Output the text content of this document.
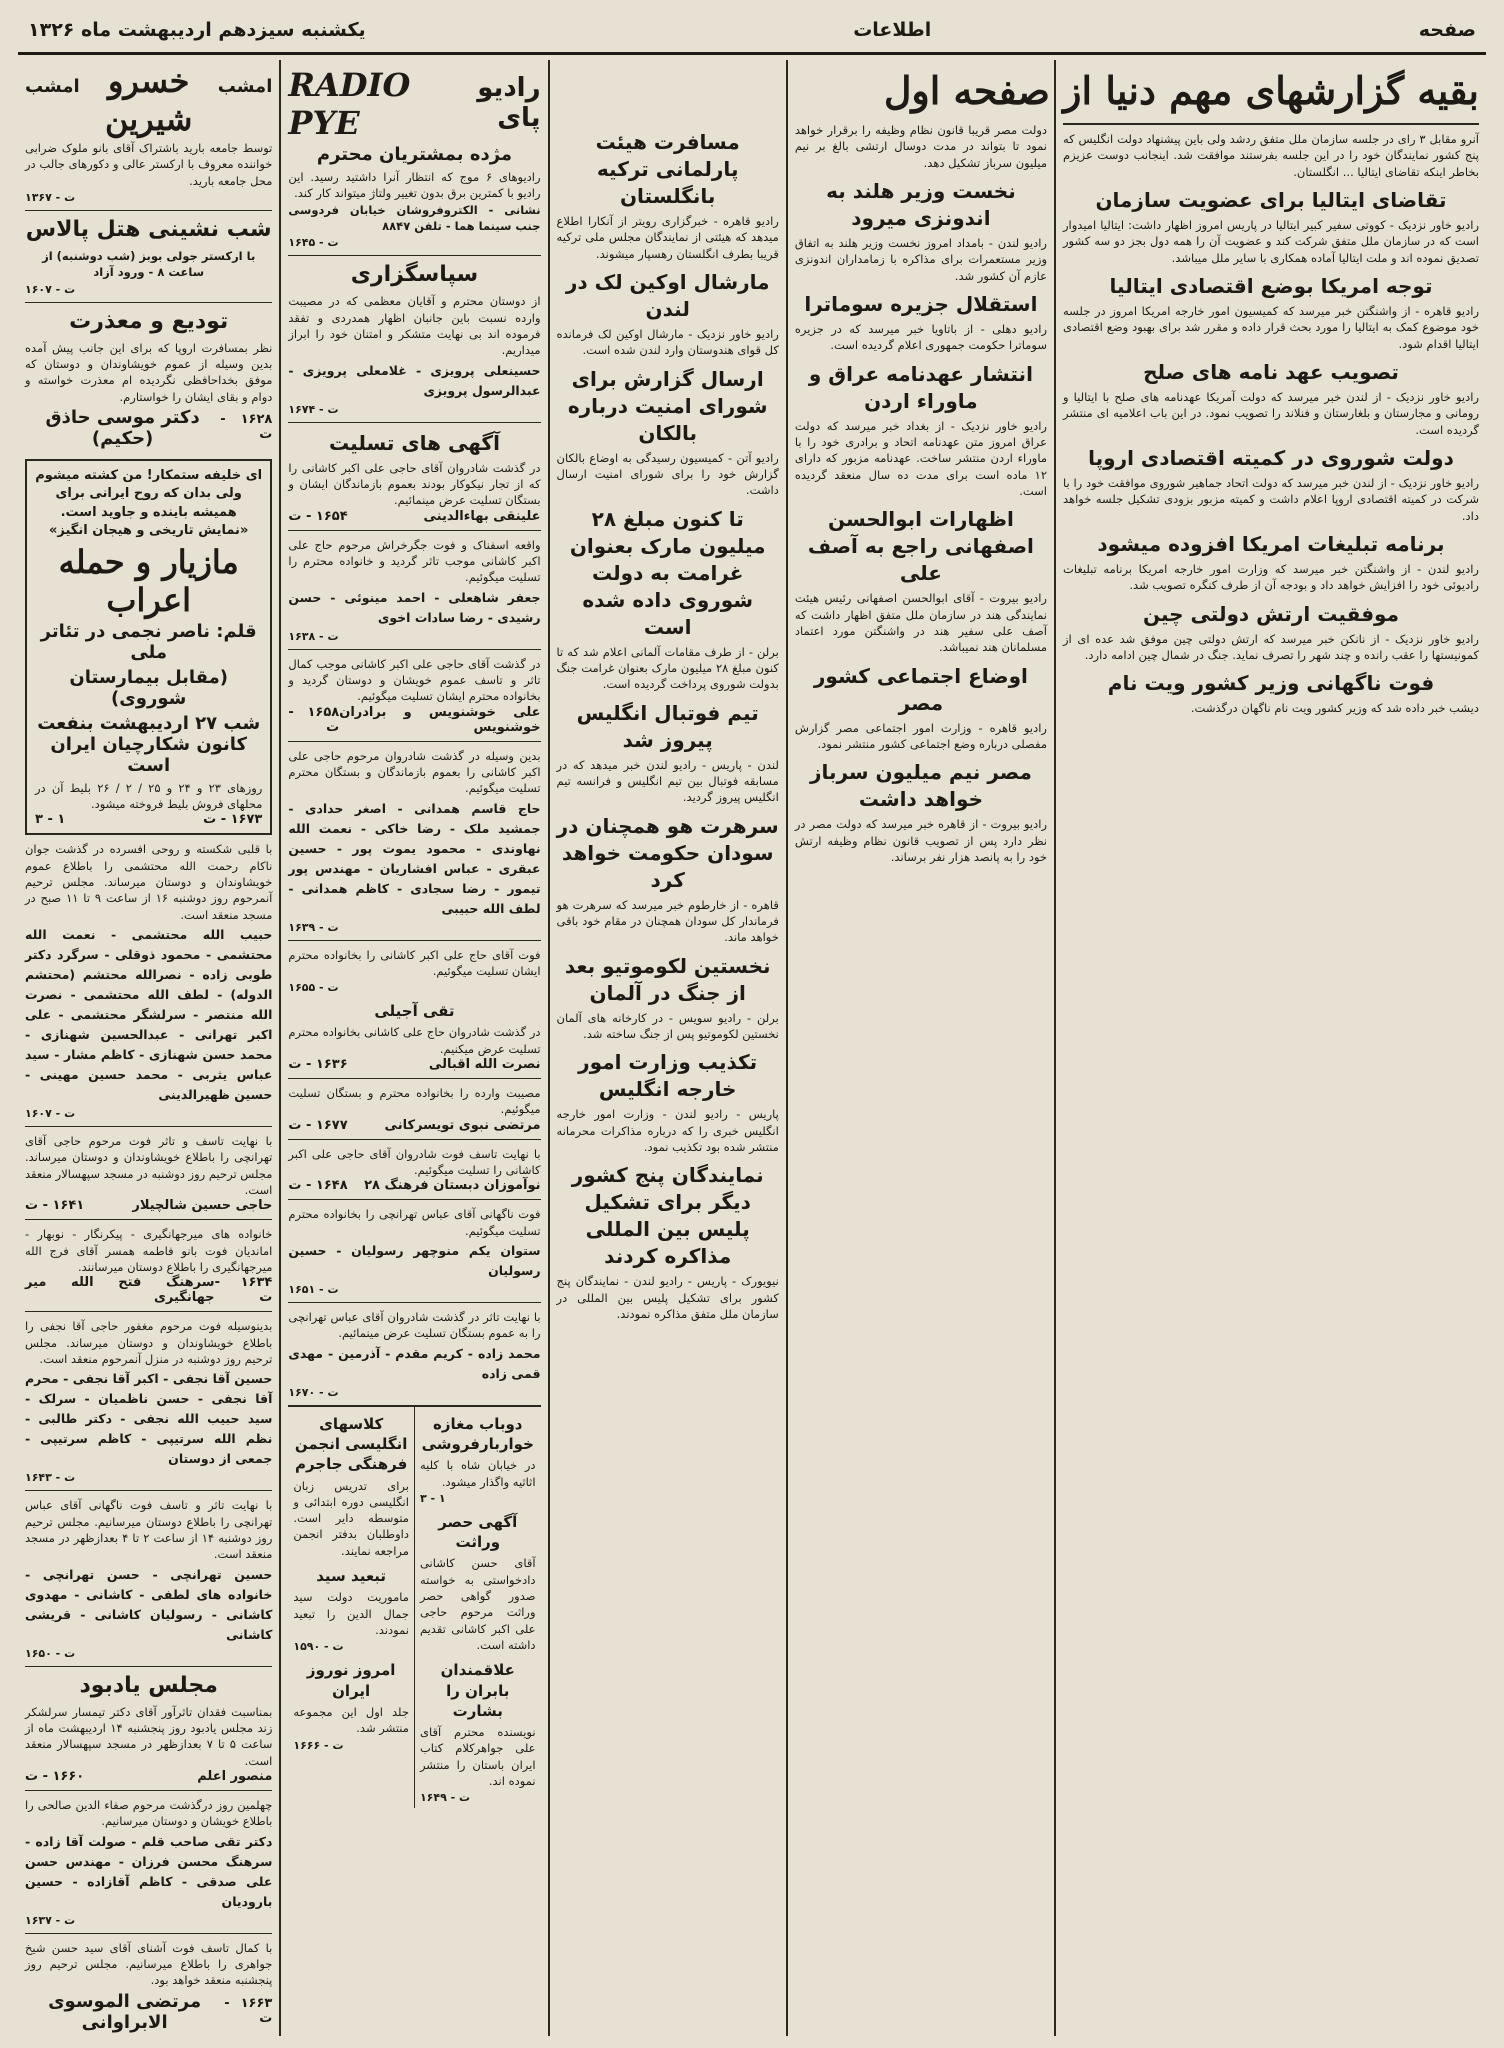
صفحه
اطلاعات
یکشنبه سیزدهم اردیبهشت ماه ۱۳۲۶
بقیه گزارشهای مهم دنیا از صفحه اول

آنرو مقابل ۳ رای در جلسه سازمان ملل متفق ردشد ولی باین پیشنهاد دولت انگلیس که پنج کشور نمایندگان خود را در این جلسه بفرستند موافقت شد. اینجانب دوست عزیزم بخاطر اینکه تقاضای ایتالیا ... انگلستان.

تقاضای ایتالیا برای عضویت سازمان

رادیو خاور نزدیک - کووتی سفیر کبیر ایتالیا در پاریس امروز اظهار داشت: ایتالیا امیدوار است که در سازمان ملل متفق شرکت کند و عضویت آن را همه دول بجز دو سه کشور تصدیق نموده اند و ملت ایتالیا آماده همکاری با سایر ملل میباشد.

توجه امریکا بوضع اقتصادی ایتالیا

رادیو قاهره - از واشنگتن خبر میرسد که کمیسیون امور خارجه امریکا امروز در جلسه خود موضوع کمک به ایتالیا را مورد بحث قرار داده و مقرر شد برای بهبود وضع اقتصادی ایتالیا اقدام شود.

تصویب عهد نامه های صلح

رادیو خاور نزدیک - از لندن خبر میرسد که دولت آمریکا عهدنامه های صلح با ایتالیا و رومانی و مجارستان و بلغارستان و فنلاند را تصویب نمود. در این باب اعلامیه ای منتشر گردیده است.

دولت شوروی در کمیته اقتصادی اروپا

رادیو خاور نزدیک - از لندن خبر میرسد که دولت اتحاد جماهیر شوروی موافقت خود را با شرکت در کمیته اقتصادی اروپا اعلام داشت و کمیته مزبور بزودی تشکیل جلسه خواهد داد.

برنامه تبلیغات امریکا افزوده میشود

رادیو لندن - از واشنگتن خبر میرسد که وزارت امور خارجه امریکا برنامه تبلیغات رادیوئی خود را افزایش خواهد داد و بودجه آن از طرف کنگره تصویب شد.

موفقیت ارتش دولتی چین

رادیو خاور نزدیک - از نانکن خبر میرسد که ارتش دولتی چین موفق شد عده ای از کمونیستها را عقب رانده و چند شهر را تصرف نماید. جنگ در شمال چین ادامه دارد.

فوت ناگهانی وزیر کشور ویت نام

دیشب خبر داده شد که وزیر کشور ویت نام ناگهان درگذشت.

دولت مصر قریبا قانون نظام وظیفه را برقرار خواهد نمود تا بتواند در مدت دوسال ارتشی بالغ بر نیم میلیون سرباز تشکیل دهد.

نخست وزیر هلند به اندونزی میرود

رادیو لندن - بامداد امروز نخست وزیر هلند به اتفاق وزیر مستعمرات برای مذاکره با زمامداران اندونزی عازم آن کشور شد.

استقلال جزیره سوماترا

رادیو دهلی - از باتاویا خبر میرسد که در جزیره سوماترا حکومت جمهوری اعلام گردیده است.

انتشار عهدنامه عراق و ماوراء اردن

رادیو خاور نزدیک - از بغداد خبر میرسد که دولت عراق امروز متن عهدنامه اتحاد و برادری خود را با ماوراء اردن منتشر ساخت. عهدنامه مزبور که دارای ۱۲ ماده است برای مدت ده سال منعقد گردیده است.

اظهارات ابوالحسن اصفهانی راجع به آصف علی

رادیو بیروت - آقای ابوالحسن اصفهانی رئیس هیئت نمایندگی هند در سازمان ملل متفق اظهار داشت که آصف علی سفیر هند در واشنگتن مورد اعتماد مسلمانان هند نمیباشد.

اوضاع اجتماعی کشور مصر

رادیو قاهره - وزارت امور اجتماعی مصر گزارش مفصلی درباره وضع اجتماعی کشور منتشر نمود.

مصر نیم میلیون سرباز خواهد داشت

رادیو بیروت - از قاهره خبر میرسد که دولت مصر در نظر دارد پس از تصویب قانون نظام وظیفه ارتش خود را به پانصد هزار نفر برساند.

مسافرت هیئت پارلمانی ترکیه بانگلستان

رادیو قاهره - خبرگزاری رویتر از آنکارا اطلاع میدهد که هیئتی از نمایندگان مجلس ملی ترکیه قریبا بطرف انگلستان رهسپار میشوند.

مارشال اوکین لک در لندن

رادیو خاور نزدیک - مارشال اوکین لک فرمانده کل قوای هندوستان وارد لندن شده است.

ارسال گزارش برای شورای امنیت درباره بالکان

رادیو آتن - کمیسیون رسیدگی به اوضاع بالکان گزارش خود را برای شورای امنیت ارسال داشت.

تا کنون مبلغ ۲۸ میلیون مارک بعنوان غرامت به دولت شوروی داده شده است

برلن - از طرف مقامات آلمانی اعلام شد که تا کنون مبلغ ۲۸ میلیون مارک بعنوان غرامت جنگ بدولت شوروی پرداخت گردیده است.

تیم فوتبال انگلیس پیروز شد

لندن - پاریس - رادیو لندن خبر میدهد که در مسابقه فوتبال بین تیم انگلیس و فرانسه تیم انگلیس پیروز گردید.

سرهرت هو همچنان در سودان حکومت خواهد کرد

قاهره - از خارطوم خبر میرسد که سرهرت هو فرماندار کل سودان همچنان در مقام خود باقی خواهد ماند.

نخستین لکوموتیو بعد از جنگ در آلمان

برلن - رادیو سویس - در کارخانه های آلمان نخستین لکوموتیو پس از جنگ ساخته شد.

تکذیب وزارت امور خارجه انگلیس

پاریس - رادیو لندن - وزارت امور خارجه انگلیس خبری را که درباره مذاکرات محرمانه منتشر شده بود تکذیب نمود.

نمایندگان پنج کشور دیگر برای تشکیل پلیس بین المللی مذاکره کردند

نیویورک - پاریس - رادیو لندن - نمایندگان پنج کشور برای تشکیل پلیس بین المللی در سازمان ملل متفق مذاکره نمودند.

رادیو پای
RADIO PYE
مژده بمشتریان محترم

رادیوهای ۶ موج که انتظار آنرا داشتید رسید. این رادیو با کمترین برق بدون تغییر ولتاژ میتواند کار کند.

نشانی - الکتروفروشان خیابان فردوسی جنب سینما هما - تلفن ۸۸۴۷

۱۶۴۵ - ت
سپاسگزاری

از دوستان محترم و آقایان معظمی که در مصیبت وارده نسبت باین جانبان اظهار همدردی و تفقد فرموده اند بی نهایت متشکر و امتنان خود را ابراز میداریم.

حسینعلی پرویزی - غلامعلی پرویزی - عبدالرسول پرویزی
۱۶۷۴ - ت
آگهی های تسلیت

در گذشت شادروان آقای حاجی علی اکبر کاشانی را که از تجار نیکوکار بودند بعموم بازماندگان ایشان و بستگان تسلیت عرض مینمائیم.

علینقی بهاءالدینی
۱۶۵۴ - ت

واقعه اسفناک و فوت جگرخراش مرحوم حاج علی اکبر کاشانی موجب تاثر گردید و خانواده محترم را تسلیت میگوئیم.

جعفر شاهعلی - احمد مینوئی - حسن رشیدی - رضا سادات اخوی
۱۶۳۸ - ت

در گذشت آقای حاجی علی اکبر کاشانی موجب کمال تاثر و تاسف عموم خویشان و دوستان گردید و بخانواده محترم ایشان تسلیت میگوئیم.

علی خوشنویس و برادران خوشنویس
۱۶۵۸ - ت

بدین وسیله در گذشت شادروان مرحوم حاجی علی اکبر کاشانی را بعموم بازماندگان و بستگان محترم تسلیت میگوئیم.

حاج قاسم همدانی - اصغر حدادی - جمشید ملک - رضا خاکی - نعمت الله نهاوندی - محمود یموت پور - حسین عبقری - عباس افشاریان - مهندس پور تیمور - رضا سجادی - کاظم همدانی - لطف الله حبیبی
۱۶۳۹ - ت

فوت آقای حاج علی اکبر کاشانی را بخانواده محترم ایشان تسلیت میگوئیم.

۱۶۵۵ - ت
تقی آجیلی

در گذشت شادروان حاج علی کاشانی بخانواده محترم تسلیت عرض میکنیم.

نصرت الله اقبالی
۱۶۳۶ - ت

مصیبت وارده را بخانواده محترم و بستگان تسلیت میگوئیم.

مرتضی نبوی تویسرکانی
۱۶۷۷ - ت

با نهایت تاسف فوت شادروان آقای حاجی علی اکبر کاشانی را تسلیت میگوئیم.

نوآموزان دبستان فرهنگ ۲۸
۱۶۴۸ - ت

فوت ناگهانی آقای عباس تهرانچی را بخانواده محترم تسلیت میگوئیم.

ستوان یکم منوچهر رسولیان - حسین رسولیان
۱۶۵۱ - ت

با نهایت تاثر در گذشت شادروان آقای عباس تهرانچی را به عموم بستگان تسلیت عرض مینمائیم.

محمد زاده - کریم مقدم - آذرمین - مهدی قمی زاده
۱۶۷۰ - ت
دوباب مغازه خواربارفروشی

در خیابان شاه با کلیه اثاثیه واگذار میشود.

۳ - ۱
آگهی حصر وراثت

آقای حسن کاشانی دادخواستی به خواسته صدور گواهی حصر وراثت مرحوم حاجی علی اکبر کاشانی تقدیم داشته است.

علاقمندان بابران را بشارت

نویسنده محترم آقای علی جواهرکلام کتاب ایران باستان را منتشر نموده اند.

۱۶۴۹ - ت
کلاسهای انگلیسی انجمن فرهنگی جاجرم

برای تدریس زبان انگلیسی دوره ابتدائی و متوسطه دایر است. داوطلبان بدفتر انجمن مراجعه نمایند.

تبعید سید

ماموریت دولت سید جمال الدین را تبعید نمودند.

۱۵۹۰ - ت
امروز نوروز ایران

جلد اول این مجموعه منتشر شد.

۱۶۶۶ - ت
امشب
خسرو شیرین
امشب

توسط جامعه بارید باشتراک آقای بانو ملوک ضرابی خواننده معروف با ارکستر عالی و دکورهای جالب در محل جامعه بارید.

۱۳۶۷ - ت
شب نشینی هتل پالاس

با ارکستر جولی بوبز (شب دوشنبه) از ساعت ۸ - ورود آزاد

۱۶۰۷ - ت
تودیع و معذرت

نظر بمسافرت اروپا که برای این جانب پیش آمده بدین وسیله از عموم خویشاوندان و دوستان که موفق بخداحافظی نگردیده ام معذرت خواسته و دوام و بقای ایشان را خواستارم.

۱۶۲۸ - ت
دکتر موسی حاذق (حکیم)

ای خلیفه ستمکار! من کشته میشوم ولی بدان که روح ایرانی برای همیشه باینده و جاوید است. «نمایش تاریخی و هیجان انگیز»

مازیار و حمله اعراب
قلم: ناصر نجمی در تئاتر ملی
(مقابل بیمارستان شوروی)
شب ۲۷ اردیبهشت بنفعت کانون شکارچیان ایران است

روزهای ۲۳ و ۲۴ و ۲۵ / ۲ / ۲۶ بلیط آن در محلهای فروش بلیط فروخته میشود.

۱۶۷۳ - ت
۱ - ۳

با قلبی شکسته و روحی افسرده در گذشت جوان ناکام رحمت الله محتشمی را باطلاع عموم خویشاوندان و دوستان میرساند. مجلس ترحیم آنمرحوم روز دوشنبه ۱۶ از ساعت ۹ تا ۱۱ صبح در مسجد منعقد است.

حبیب الله محتشمی - نعمت الله محتشمی - محمود ذوقلی - سرگرد دکتر طوبی زاده - نصرالله محتشم (محتشم الدوله) - لطف الله محتشمی - نصرت الله منتصر - سرلشگر محتشمی - علی اکبر تهرانی - عبدالحسین شهنازی - محمد حسن شهنازی - کاظم مشار - سید عباس یثربی - محمد حسین مهینی - حسین ظهیرالدینی
۱۶۰۷ - ت

با نهایت تاسف و تاثر فوت مرحوم حاجی آقای تهرانچی را باطلاع خویشاوندان و دوستان میرساند. مجلس ترحیم روز دوشنبه در مسجد سپهسالار منعقد است.

حاجی حسین شالچیلار
۱۶۴۱ - ت

خانواده های میرجهانگیری - پیکرنگار - نوبهار - اماندیان فوت بانو فاطمه همسر آقای فرج الله میرجهانگیری را باطلاع دوستان میرسانند.

۱۶۳۴ - ت
سرهنگ فتح الله میر جهانگیری

بدینوسیله فوت مرحوم مغفور حاجی آقا نجفی را باطلاع خویشاوندان و دوستان میرساند. مجلس ترحیم روز دوشنبه در منزل آنمرحوم منعقد است.

حسین آقا نجفی - اکبر آقا نجفی - محرم آقا نجفی - حسن ناظمیان - سرلک - سید حبیب الله نجفی - دکتر طالبی - نظم الله سرتیپی - کاظم سرتیپی - جمعی از دوستان
۱۶۴۳ - ت

با نهایت تاثر و تاسف فوت ناگهانی آقای عباس تهرانچی را باطلاع دوستان میرسانیم. مجلس ترحیم روز دوشنبه ۱۴ از ساعت ۲ تا ۴ بعدازظهر در مسجد منعقد است.

حسین تهرانچی - حسن تهرانچی - خانواده های لطفی - کاشانی - مهدوی کاشانی - رسولیان کاشانی - قریشی کاشانی
۱۶۵۰ - ت
مجلس یادبود

بمناسبت فقدان تاثرآور آقای دکتر تیمسار سرلشکر زند مجلس یادبود روز پنجشنبه ۱۴ اردیبهشت ماه از ساعت ۵ تا ۷ بعدازظهر در مسجد سپهسالار منعقد است.

منصور اعلم
۱۶۶۰ - ت

چهلمین روز درگذشت مرحوم صفاء الدین صالحی را باطلاع خویشان و دوستان میرسانیم.

دکتر تقی صاحب قلم - صولت آقا زاده - سرهنگ محسن فرزان - مهندس حسن علی صدقی - کاظم آقازاده - حسین بارودیان
۱۶۳۷ - ت

با کمال تاسف فوت آشنای آقای سید حسن شیخ جواهری را باطلاع میرسانیم. مجلس ترحیم روز پنجشنبه منعقد خواهد بود.

۱۶۶۳ - ت
مرتضی الموسوی الابراوانی
